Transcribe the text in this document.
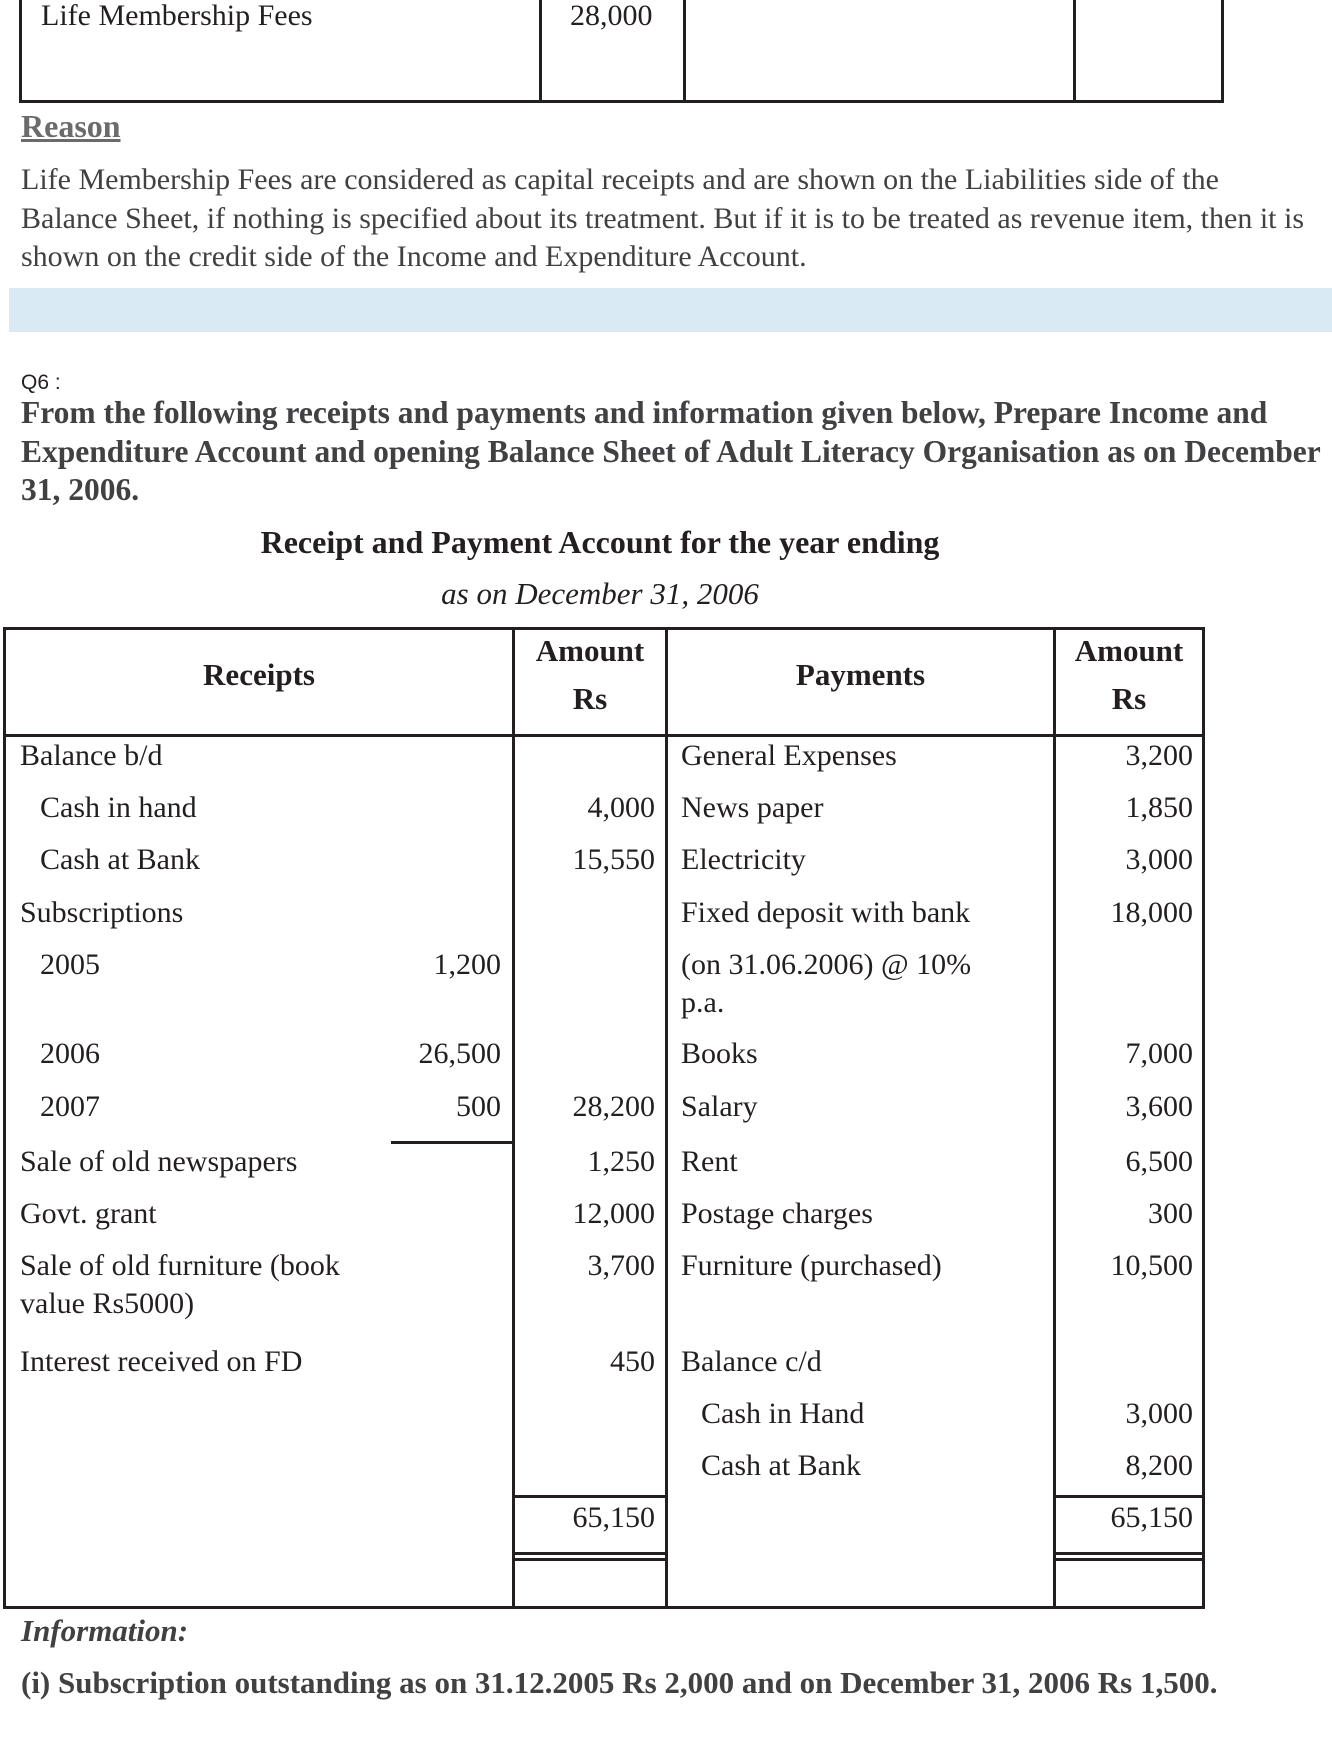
Life Membership Fees	28,000
Reason

Life Membership Fees are considered as capital receipts and are shown on the Liabilities side of the Balance Sheet, if nothing is specified about its treatment. But if it is to be treated as revenue item, then it is shown on the credit side of the Income and Expenditure Account.

Q6 :

From the following receipts and payments and information given below, Prepare Income and Expenditure Account and opening Balance Sheet of Adult Literacy Organisation as on December 31, 2006.

Receipt and Payment Account for the year ending
as on December 31, 2006
Receipts
Amount
Rs
Payments
Amount
Rs
Balance b/d
Cash in hand
Cash at Bank
Subscriptions
2005
2006
2007
Sale of old newspapers
Govt. grant
Sale of old furniture (book
value Rs5000)
Interest received on FD
1,200
26,500
500
4,000
15,550
28,200
1,250
12,000
3,700
450
65,150
General Expenses
News paper
Electricity
Fixed deposit with bank
(on 31.06.2006) @ 10%
p.a.
Books
Salary
Rent
Postage charges
Furniture (purchased)
Balance c/d
Cash in Hand
Cash at Bank
3,200
1,850
3,000
18,000
7,000
3,600
6,500
300
10,500
3,000
8,200
65,150
Information:

(i) Subscription outstanding as on 31.12.2005 Rs 2,000 and on December 31, 2006 Rs 1,500.
